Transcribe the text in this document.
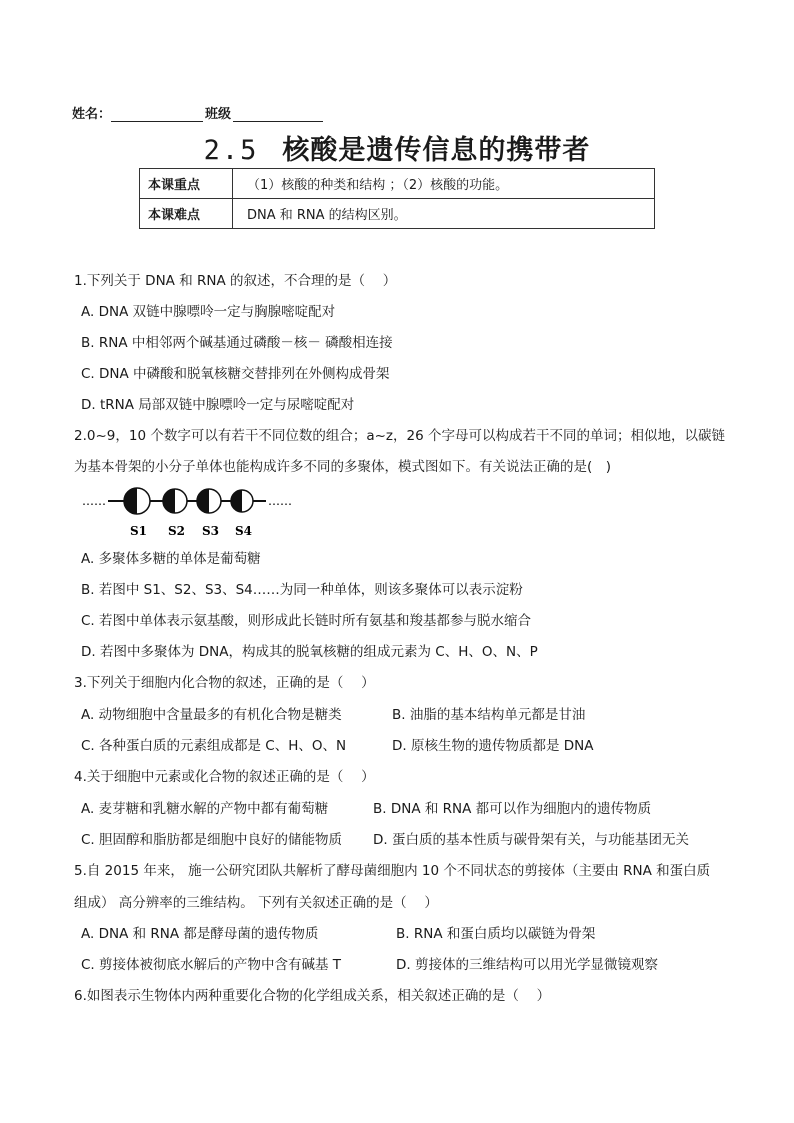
姓名：	班级
2.5 核酸是遗传信息的携带者
本课重点	（1）核酸的种类和结构 ；（2）核酸的功能。
本课难点	DNA 和 RNA 的结构区别。
1.下列关于 DNA 和 RNA 的叙述，不合理的是（　 ）
A. DNA 双链中腺嘌呤一定与胸腺嘧啶配对
B. RNA 中相邻两个碱基通过磷酸－核－ 磷酸相连接
C. DNA 中磷酸和脱氧核糖交替排列在外侧构成骨架
D. tRNA 局部双链中腺嘌呤一定与尿嘧啶配对
2.0~9，10 个数字可以有若干不同位数的组合；a~z，26 个字母可以构成若干不同的单词；相似地，以碳链
为基本骨架的小分子单体也能构成许多不同的多聚体，模式图如下。有关说法正确的是(　)
……	……
S1 S2 S3 S4
A. 多聚体多糖的单体是葡萄糖
B. 若图中 S1、S2、S3、S4……为同一种单体，则该多聚体可以表示淀粉
C. 若图中单体表示氨基酸，则形成此长链时所有氨基和羧基都参与脱水缩合
D. 若图中多聚体为 DNA，构成其的脱氧核糖的组成元素为 C、H、O、N、P
3.下列关于细胞内化合物的叙述，正确的是（　 ）
A. 动物细胞中含量最多的有机化合物是糖类	B. 油脂的基本结构单元都是甘油
C. 各种蛋白质的元素组成都是 C、H、O、N	D. 原核生物的遗传物质都是 DNA
4.关于细胞中元素或化合物的叙述正确的是（　 ）
A. 麦芽糖和乳糖水解的产物中都有葡萄糖	B. DNA 和 RNA 都可以作为细胞内的遗传物质
C. 胆固醇和脂肪都是细胞中良好的储能物质 D. 蛋白质的基本性质与碳骨架有关，与功能基团无关
5.自 2015 年来， 施一公研究团队共解析了酵母菌细胞内 10 个不同状态的剪接体（主要由 RNA 和蛋白质
组成） 高分辨率的三维结构。 下列有关叙述正确的是（　 ）
A. DNA 和 RNA 都是酵母菌的遗传物质	B. RNA 和蛋白质均以碳链为骨架
C. 剪接体被彻底水解后的产物中含有碱基 T	D. 剪接体的三维结构可以用光学显微镜观察
6.如图表示生物体内两种重要化合物的化学组成关系，相关叙述正确的是（　 ）
